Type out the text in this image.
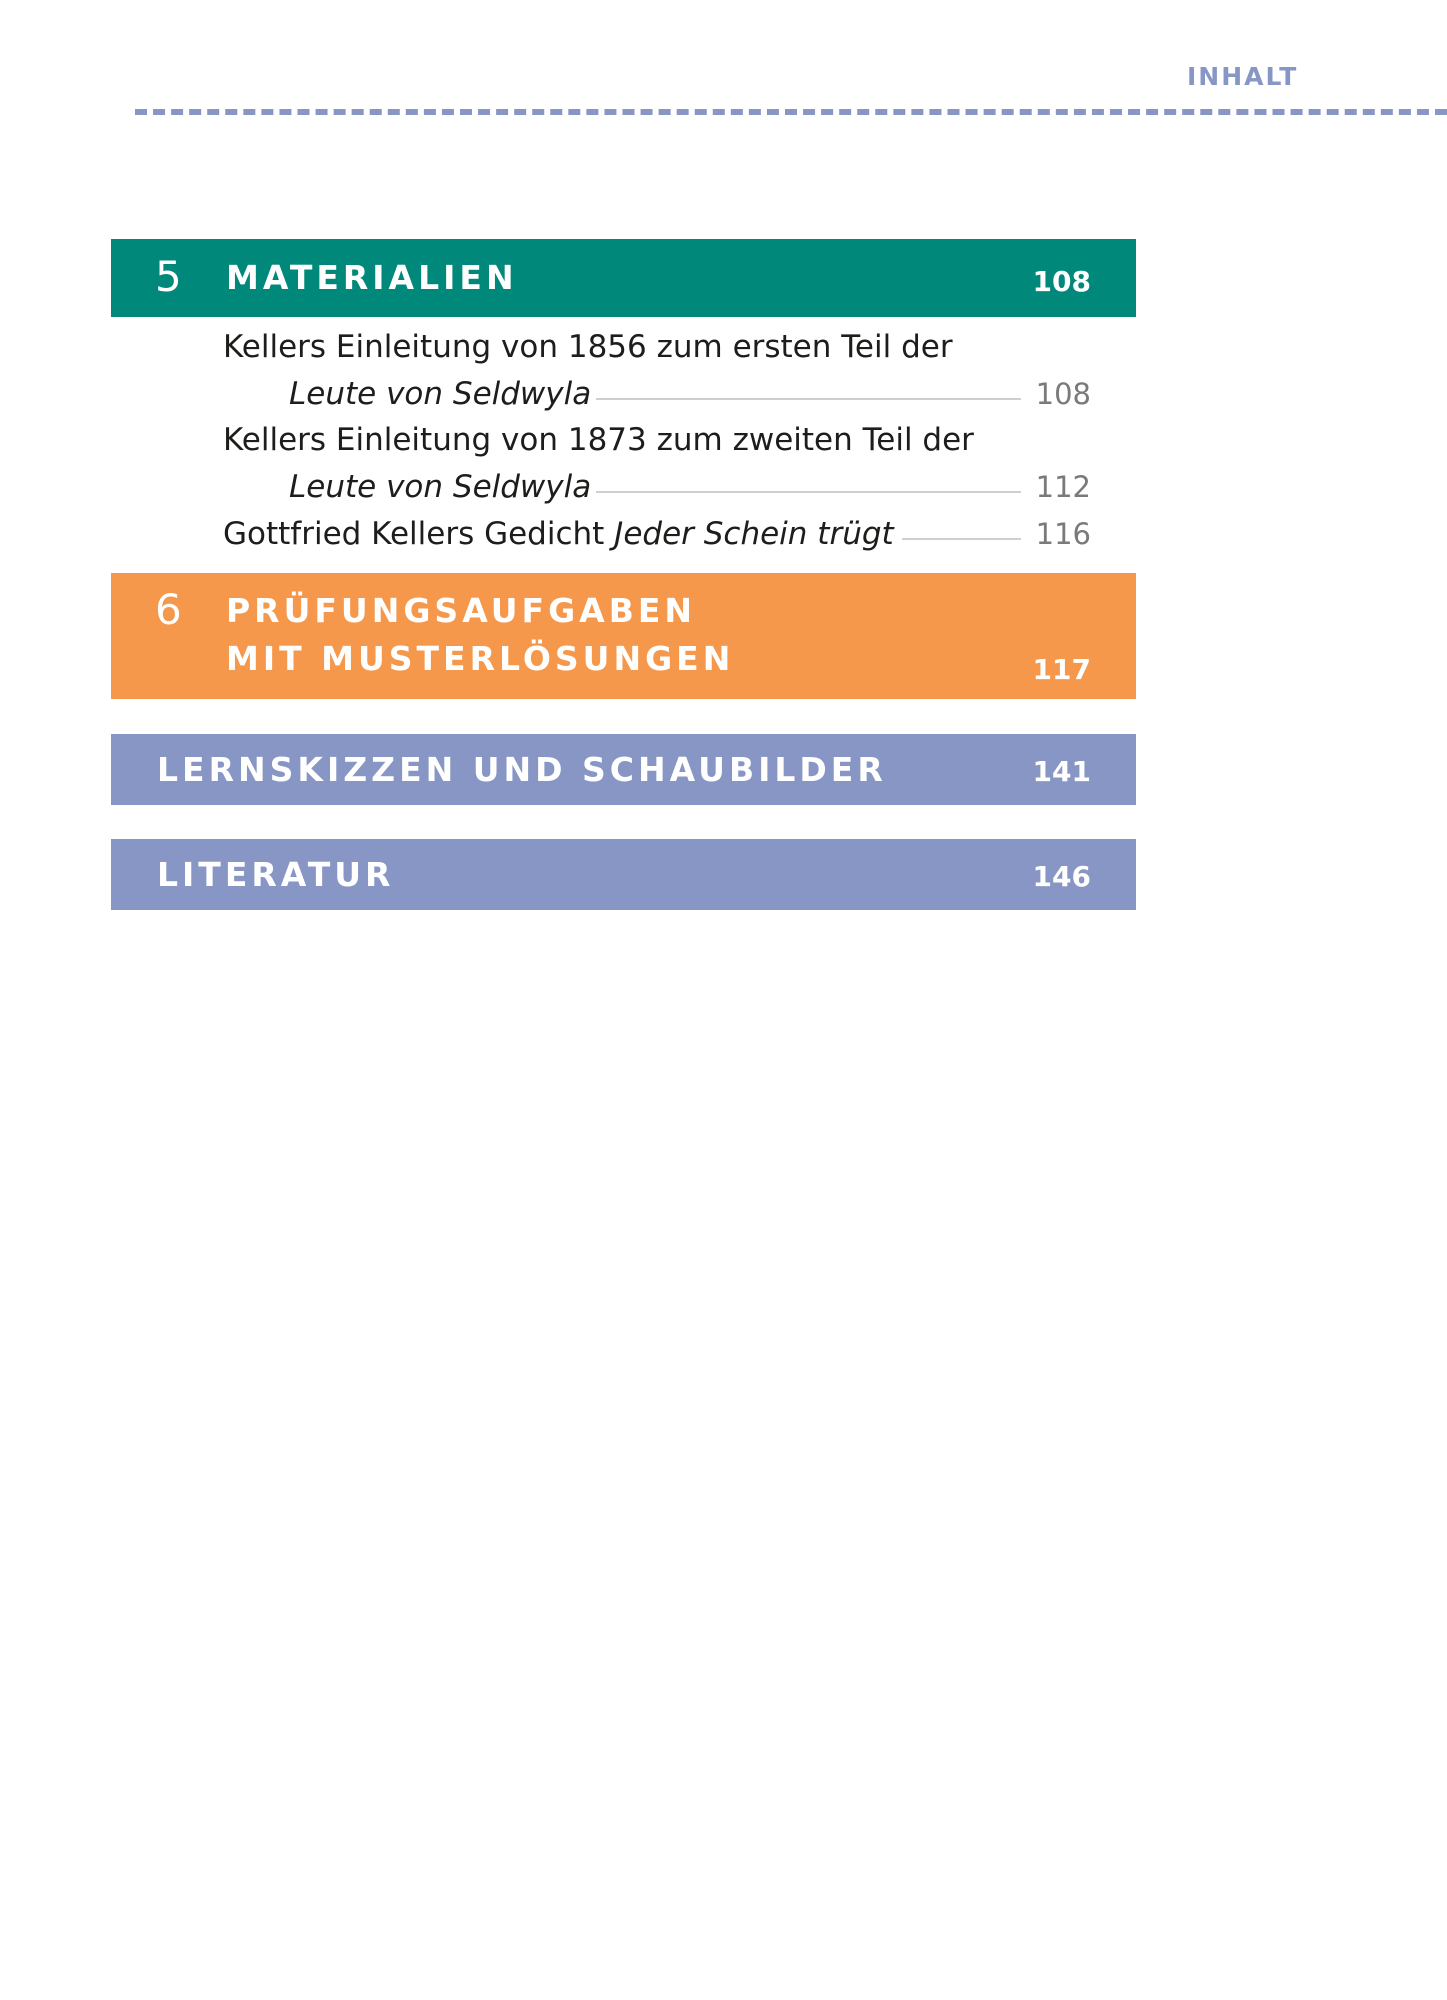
INHALT
5 MATERIALIEN	108
Kellers Einleitung von 1856 zum ersten Teil der
Leute von Seldwyla	108
Kellers Einleitung von 1873 zum zweiten Teil der
Leute von Seldwyla	112
Gottfried Kellers Gedicht Jeder Schein trügt	116
6 PRÜFUNGSAUFGABEN
MIT MUSTERLÖSUNGEN	117
LERNSKIZZEN UND SCHAUBILDER	141
LITERATUR	146
